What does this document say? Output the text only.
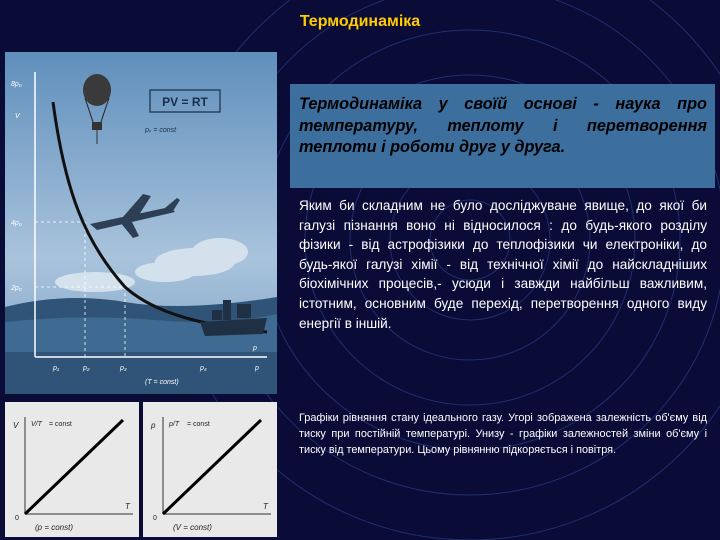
Термодинаміка
PV = RT
pᵥ = const
8p₀
V
4p₀
2p₀
p
p₁	p₂	p₃	p₄	p
(T = const)
V V/T = const
T
0
(p = const)
p p/T = const
T
0
(V = const)
Термодинаміка у своїй основі - наука про температуру, теплоту і перетворення теплоти і роботи друг у друга.
Яким би складним не було досліджуване явище, до якої би галузі пізнання воно ні відносилося : до будь-якого розділу фізики - від астрофізики до теплофізики чи електроніки, до будь-якої галузі хімії - від технічної хімії до найскладніших біохімічних процесів,- усюди і завжди найбільш важливим, істотним, основним буде перехід, перетворення одного виду енергії в іншій.
Графіки рівняння стану ідеального газу. Угорі зображена залежність об'єму від тиску при постійній температурі. Унизу - графіки залежностей зміни об'єму і тиску від температури. Цьому рівнянню підкоряється і повітря.
